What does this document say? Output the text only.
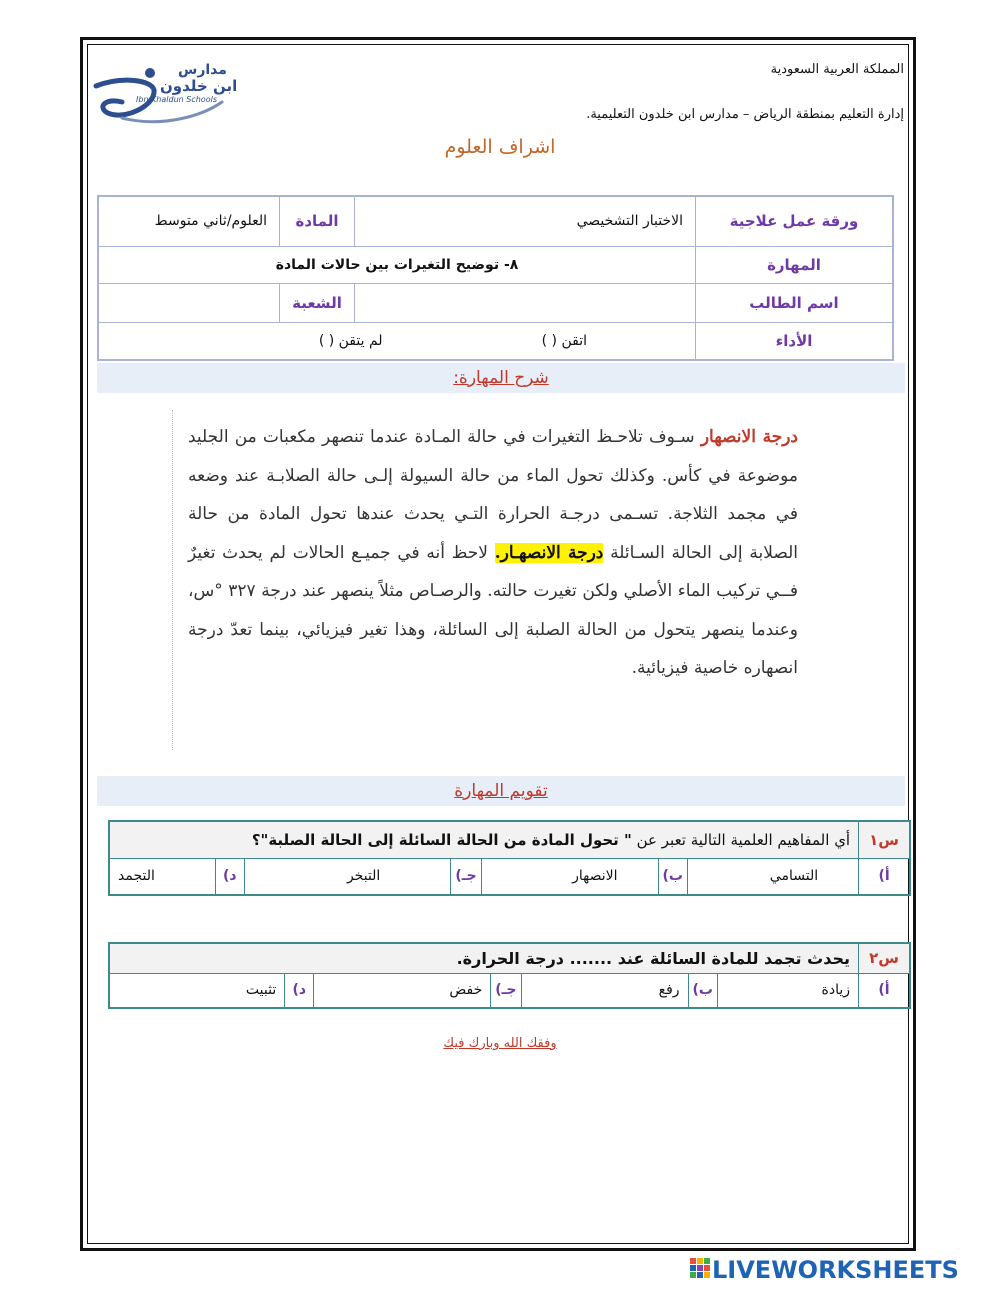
مدارس
ابن خلدون
Ibn Khaldun Schools
المملكة العربية السعودية
إدارة التعليم بمنطقة الرياض – مدارس ابن خلدون التعليمية.
اشراف العلوم
ورقة عمل علاجية	الاختبار التشخيصي	المادة	العلوم/ثاني متوسط
المهارة	٨- توضيح التغيرات بين حالات المادة		
اسم الطالب		الشعبة	
الأداء	اتقن ( ) لم يتقن ( )		
شرح المهارة:
درجة الانصهار سـوف تلاحـظ التغيرات في حالة المـادة عندما تنصهر مكعبات من الجليد موضوعة في كأس. وكذلك تحول الماء من حالة السيولة إلـى حالة الصلابـة عند وضعه في مجمد الثلاجة. تسـمى درجـة الحرارة التـي يحدث عندها تحول المادة من حالة الصلابة إلى الحالة السـائلة درجة الانصهـار. لاحظ أنه في جميـع الحالات لم يحدث تغيرٌ فــي تركيب الماء الأصلي ولكن تغيرت حالته. والرصـاص مثلاً ينصهر عند درجة ٣٢٧ °س، وعندما ينصهر يتحول من الحالة الصلبة إلى السائلة، وهذا تغير فيزيائي، بينما تعدّ درجة انصهاره خاصية فيزيائية.
تقويم المهارة
س١	أي المفاهيم العلمية التالية تعبر عن " تحول المادة من الحالة السائلة إلى الحالة الصلبة"؟						
أ)	التسامي	ب)	الانصهار	جـ)	التبخر	د)	التجمد
س٢	يحدث تجمد للمادة السائلة عند ....... درجة الحرارة.						
أ)	زيادة	ب)	رفع	جـ)	خفض	د)	تثبيت
وفقك الله وبارك فيك
LIVEWORKSHEETS
